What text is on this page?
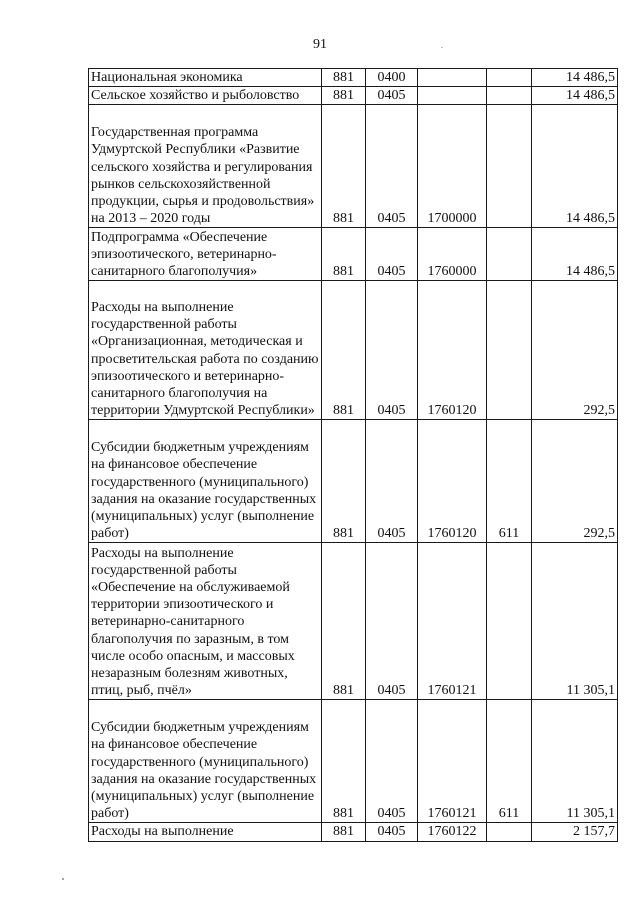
91
Национальная экономика	881	0400			14 486,5
Сельское хозяйство и рыболовство	881	0405			14 486,5
Государственная программа Удмуртской Республики «Развитие сельского хозяйства и регулирования рынков сельскохозяйственной продукции, сырья и продовольствия» на 2013 – 2020 годы	881	0405	1700000		14 486,5
Подпрограмма «Обеспечение эпизоотического, ветеринарно-санитарного благополучия»	881	0405	1760000		14 486,5
Расходы на выполнение государственной работы «Организационная, методическая и просветительская работа по созданию эпизоотического и ветеринарно-санитарного благополучия на территории Удмуртской Республики»	881	0405	1760120		292,5
Субсидии бюджетным учреждениям на финансовое обеспечение государственного (муниципального) задания на оказание государственных (муниципальных) услуг (выполнение работ)	881	0405	1760120	611	292,5
Расходы на выполнение государственной работы «Обеспечение на обслуживаемой территории эпизоотического и ветеринарно-санитарного благополучия по заразным, в том числе особо опасным, и массовых незаразным болезням животных, птиц, рыб, пчёл»	881	0405	1760121		11 305,1
Субсидии бюджетным учреждениям на финансовое обеспечение государственного (муниципального) задания на оказание государственных (муниципальных) услуг (выполнение работ)	881	0405	1760121	611	11 305,1
Расходы на выполнение	881	0405	1760122		2 157,7
